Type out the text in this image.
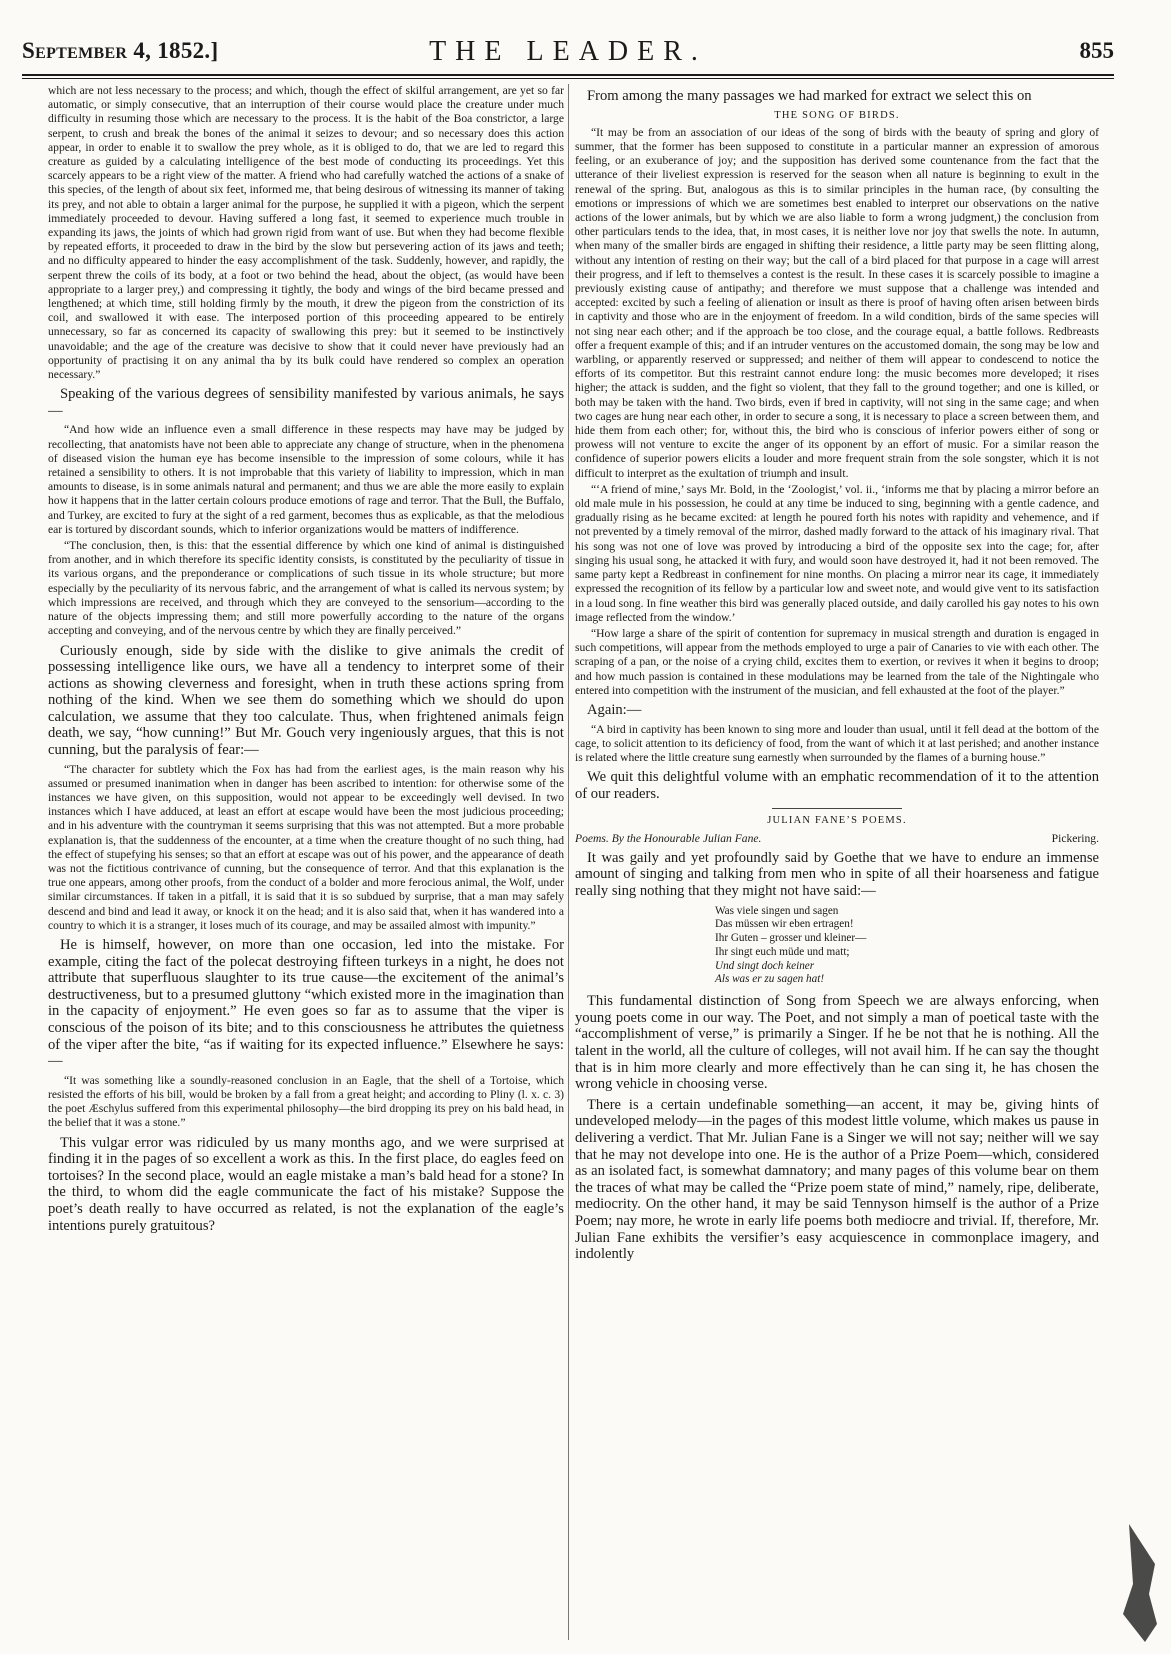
September 4, 1852.]	THE LEADER.	855

which are not less necessary to the process; and which, though the effect of skilful arrangement, are yet so far automatic, or simply consecutive, that an interruption of their course would place the creature under much difficulty in resuming those which are necessary to the process. It is the habit of the Boa constrictor, a large serpent, to crush and break the bones of the animal it seizes to devour; and so necessary does this action appear, in order to enable it to swallow the prey whole, as it is obliged to do, that we are led to regard this creature as guided by a calculating intelligence of the best mode of conducting its proceedings. Yet this scarcely appears to be a right view of the matter. A friend who had carefully watched the actions of a snake of this species, of the length of about six feet, informed me, that being desirous of witnessing its manner of taking its prey, and not able to obtain a larger animal for the purpose, he supplied it with a pigeon, which the serpent immediately proceeded to devour. Having suffered a long fast, it seemed to experience much trouble in expanding its jaws, the joints of which had grown rigid from want of use. But when they had become flexible by repeated efforts, it proceeded to draw in the bird by the slow but persevering action of its jaws and teeth; and no difficulty appeared to hinder the easy accomplishment of the task. Suddenly, however, and rapidly, the serpent threw the coils of its body, at a foot or two behind the head, about the object, (as would have been appropriate to a larger prey,) and compressing it tightly, the body and wings of the bird became pressed and lengthened; at which time, still holding firmly by the mouth, it drew the pigeon from the constriction of its coil, and swallowed it with ease. The interposed portion of this proceeding appeared to be entirely unnecessary, so far as concerned its capacity of swallowing this prey: but it seemed to be instinctively unavoidable; and the age of the creature was decisive to show that it could never have previously had an opportunity of practising it on any animal tha by its bulk could have rendered so complex an operation necessary.”

Speaking of the various degrees of sensibility manifested by various animals, he says—

“And how wide an influence even a small difference in these respects may have may be judged by recollecting, that anatomists have not been able to appreciate any change of structure, when in the phenomena of diseased vision the human eye has become insensible to the impression of some colours, while it has retained a sensibility to others. It is not improbable that this variety of liability to impression, which in man amounts to disease, is in some animals natural and permanent; and thus we are able the more easily to explain how it happens that in the latter certain colours produce emotions of rage and terror. That the Bull, the Buffalo, and Turkey, are excited to fury at the sight of a red garment, becomes thus as explicable, as that the melodious ear is tortured by discordant sounds, which to inferior organizations would be matters of indifference.

“The conclusion, then, is this: that the essential difference by which one kind of animal is distinguished from another, and in which therefore its specific identity consists, is constituted by the peculiarity of tissue in its various organs, and the preponderance or complications of such tissue in its whole structure; but more especially by the peculiarity of its nervous fabric, and the arrangement of what is called its nervous system; by which impressions are received, and through which they are conveyed to the sensorium—according to the nature of the objects impressing them; and still more powerfully according to the nature of the organs accepting and conveying, and of the nervous centre by which they are finally perceived.”

Curiously enough, side by side with the dislike to give animals the credit of possessing intelligence like ours, we have all a tendency to interpret some of their actions as showing cleverness and foresight, when in truth these actions spring from nothing of the kind. When we see them do something which we should do upon calculation, we assume that they too calculate. Thus, when frightened animals feign death, we say, “how cunning!” But Mr. Gouch very ingeniously argues, that this is not cunning, but the paralysis of fear:—

“The character for subtlety which the Fox has had from the earliest ages, is the main reason why his assumed or presumed inanimation when in danger has been ascribed to intention: for otherwise some of the instances we have given, on this supposition, would not appear to be exceedingly well devised. In two instances which I have adduced, at least an effort at escape would have been the most judicious proceeding; and in his adventure with the countryman it seems surprising that this was not attempted. But a more probable explanation is, that the suddenness of the encounter, at a time when the creature thought of no such thing, had the effect of stupefying his senses; so that an effort at escape was out of his power, and the appearance of death was not the fictitious contrivance of cunning, but the consequence of terror. And that this explanation is the true one appears, among other proofs, from the conduct of a bolder and more ferocious animal, the Wolf, under similar circumstances. If taken in a pitfall, it is said that it is so subdued by surprise, that a man may safely descend and bind and lead it away, or knock it on the head; and it is also said that, when it has wandered into a country to which it is a stranger, it loses much of its courage, and may be assailed almost with impunity.”

He is himself, however, on more than one occasion, led into the mistake. For example, citing the fact of the polecat destroying fifteen turkeys in a night, he does not attribute that superfluous slaughter to its true cause—the excitement of the animal’s destructiveness, but to a presumed gluttony “which existed more in the imagination than in the capacity of enjoyment.” He even goes so far as to assume that the viper is conscious of the poison of its bite; and to this consciousness he attributes the quietness of the viper after the bite, “as if waiting for its expected influence.” Elsewhere he says:—

“It was something like a soundly-reasoned conclusion in an Eagle, that the shell of a Tortoise, which resisted the efforts of his bill, would be broken by a fall from a great height; and according to Pliny (l. x. c. 3) the poet Æschylus suffered from this experimental philosophy—the bird dropping its prey on his bald head, in the belief that it was a stone.”

This vulgar error was ridiculed by us many months ago, and we were surprised at finding it in the pages of so excellent a work as this. In the first place, do eagles feed on tortoises? In the second place, would an eagle mistake a man’s bald head for a stone? In the third, to whom did the eagle communicate the fact of his mistake? Suppose the poet’s death really to have occurred as related, is not the explanation of the eagle’s intentions purely gratuitous?

From among the many passages we had marked for extract we select this on

THE SONG OF BIRDS.

“It may be from an association of our ideas of the song of birds with the beauty of spring and glory of summer, that the former has been supposed to constitute in a particular manner an expression of amorous feeling, or an exuberance of joy; and the supposition has derived some countenance from the fact that the utterance of their liveliest expression is reserved for the season when all nature is beginning to exult in the renewal of the spring. But, analogous as this is to similar principles in the human race, (by consulting the emotions or impressions of which we are sometimes best enabled to interpret our observations on the native actions of the lower animals, but by which we are also liable to form a wrong judgment,) the conclusion from other particulars tends to the idea, that, in most cases, it is neither love nor joy that swells the note. In autumn, when many of the smaller birds are engaged in shifting their residence, a little party may be seen flitting along, without any intention of resting on their way; but the call of a bird placed for that purpose in a cage will arrest their progress, and if left to themselves a contest is the result. In these cases it is scarcely possible to imagine a previously existing cause of antipathy; and therefore we must suppose that a challenge was intended and accepted: excited by such a feeling of alienation or insult as there is proof of having often arisen between birds in captivity and those who are in the enjoyment of freedom. In a wild condition, birds of the same species will not sing near each other; and if the approach be too close, and the courage equal, a battle follows. Redbreasts offer a frequent example of this; and if an intruder ventures on the accustomed domain, the song may be low and warbling, or apparently reserved or suppressed; and neither of them will appear to condescend to notice the efforts of its competitor. But this restraint cannot endure long: the music becomes more developed; it rises higher; the attack is sudden, and the fight so violent, that they fall to the ground together; and one is killed, or both may be taken with the hand. Two birds, even if bred in captivity, will not sing in the same cage; and when two cages are hung near each other, in order to secure a song, it is necessary to place a screen between them, and hide them from each other; for, without this, the bird who is conscious of inferior powers either of song or prowess will not venture to excite the anger of its opponent by an effort of music. For a similar reason the confidence of superior powers elicits a louder and more frequent strain from the sole songster, which it is not difficult to interpret as the exultation of triumph and insult.

“‘A friend of mine,’ says Mr. Bold, in the ‘Zoologist,’ vol. ii., ‘informs me that by placing a mirror before an old male mule in his possession, he could at any time be induced to sing, beginning with a gentle cadence, and gradually rising as he became excited: at length he poured forth his notes with rapidity and vehemence, and if not prevented by a timely removal of the mirror, dashed madly forward to the attack of his imaginary rival. That his song was not one of love was proved by introducing a bird of the opposite sex into the cage; for, after singing his usual song, he attacked it with fury, and would soon have destroyed it, had it not been removed. The same party kept a Redbreast in confinement for nine months. On placing a mirror near its cage, it immediately expressed the recognition of its fellow by a particular low and sweet note, and would give vent to its satisfaction in a loud song. In fine weather this bird was generally placed outside, and daily carolled his gay notes to his own image reflected from the window.’

“How large a share of the spirit of contention for supremacy in musical strength and duration is engaged in such competitions, will appear from the methods employed to urge a pair of Canaries to vie with each other. The scraping of a pan, or the noise of a crying child, excites them to exertion, or revives it when it begins to droop; and how much passion is contained in these modulations may be learned from the tale of the Nightingale who entered into competition with the instrument of the musician, and fell exhausted at the foot of the player.”

Again:—

“A bird in captivity has been known to sing more and louder than usual, until it fell dead at the bottom of the cage, to solicit attention to its deficiency of food, from the want of which it at last perished; and another instance is related where the little creature sung earnestly when surrounded by the flames of a burning house.”

We quit this delightful volume with an emphatic recommendation of it to the attention of our readers.

JULIAN FANE’S POEMS.
Poems. By the Honourable Julian Fane.	Pickering.

It was gaily and yet profoundly said by Goethe that we have to endure an immense amount of singing and talking from men who in spite of all their hoarseness and fatigue really sing nothing that they might not have said:—

Was viele singen und sagen
Das müssen wir eben ertragen!
Ihr Guten – grosser und kleiner—
Ihr singt euch müde und matt;
Und singt doch keiner
Als was er zu sagen hat!

This fundamental distinction of Song from Speech we are always enforcing, when young poets come in our way. The Poet, and not simply a man of poetical taste with the “accomplishment of verse,” is primarily a Singer. If he be not that he is nothing. All the talent in the world, all the culture of colleges, will not avail him. If he can say the thought that is in him more clearly and more effectively than he can sing it, he has chosen the wrong vehicle in choosing verse.

There is a certain undefinable something—an accent, it may be, giving hints of undeveloped melody—in the pages of this modest little volume, which makes us pause in delivering a verdict. That Mr. Julian Fane is a Singer we will not say; neither will we say that he may not develope into one. He is the author of a Prize Poem—which, considered as an isolated fact, is somewhat damnatory; and many pages of this volume bear on them the traces of what may be called the “Prize poem state of mind,” namely, ripe, deliberate, mediocrity. On the other hand, it may be said Tennyson himself is the author of a Prize Poem; nay more, he wrote in early life poems both mediocre and trivial. If, therefore, Mr. Julian Fane exhibits the versifier’s easy acquiescence in commonplace imagery, and indolently
